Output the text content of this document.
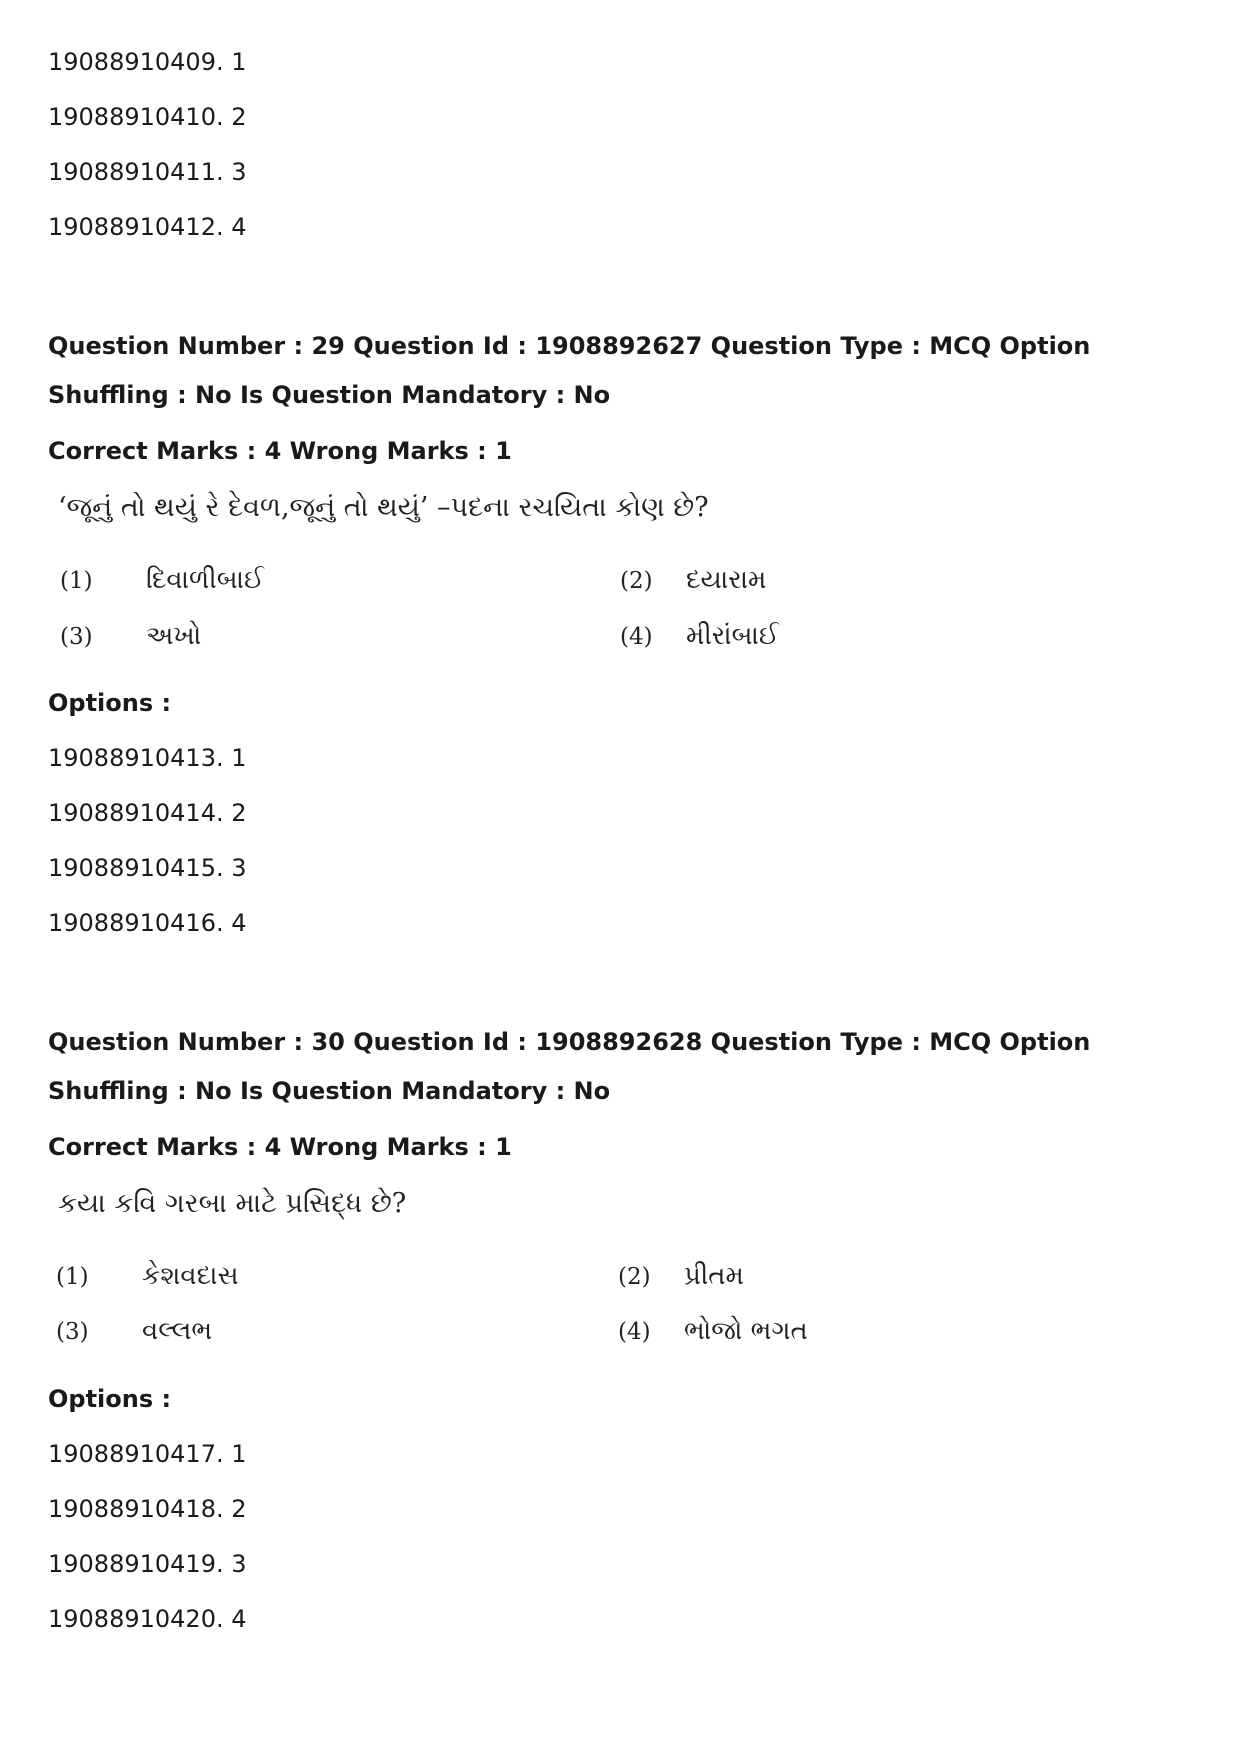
19088910409. 1
19088910410. 2
19088910411. 3
19088910412. 4
Question Number : 29 Question Id : 1908892627 Question Type : MCQ Option Shuffling : No Is Question Mandatory : No
Correct Marks : 4 Wrong Marks : 1
‘જૂનું તો થયું રે દેવળ,જૂનું તો થયું’ –પદના રચયિતા કોણ છે?
(1) દિવાળીબાઈ	(2) દયારામ
(3) અખો	(4) મીરાંબાઈ
Options :
19088910413. 1
19088910414. 2
19088910415. 3
19088910416. 4
Question Number : 30 Question Id : 1908892628 Question Type : MCQ Option Shuffling : No Is Question Mandatory : No
Correct Marks : 4 Wrong Marks : 1
કયા કવિ ગરબા માટે પ્રસિદ્ધ છે?
(1) કેશવદાસ	(2) પ્રીતમ
(3) વલ્લભ	(4) ભોજો ભગત
Options :
19088910417. 1
19088910418. 2
19088910419. 3
19088910420. 4
